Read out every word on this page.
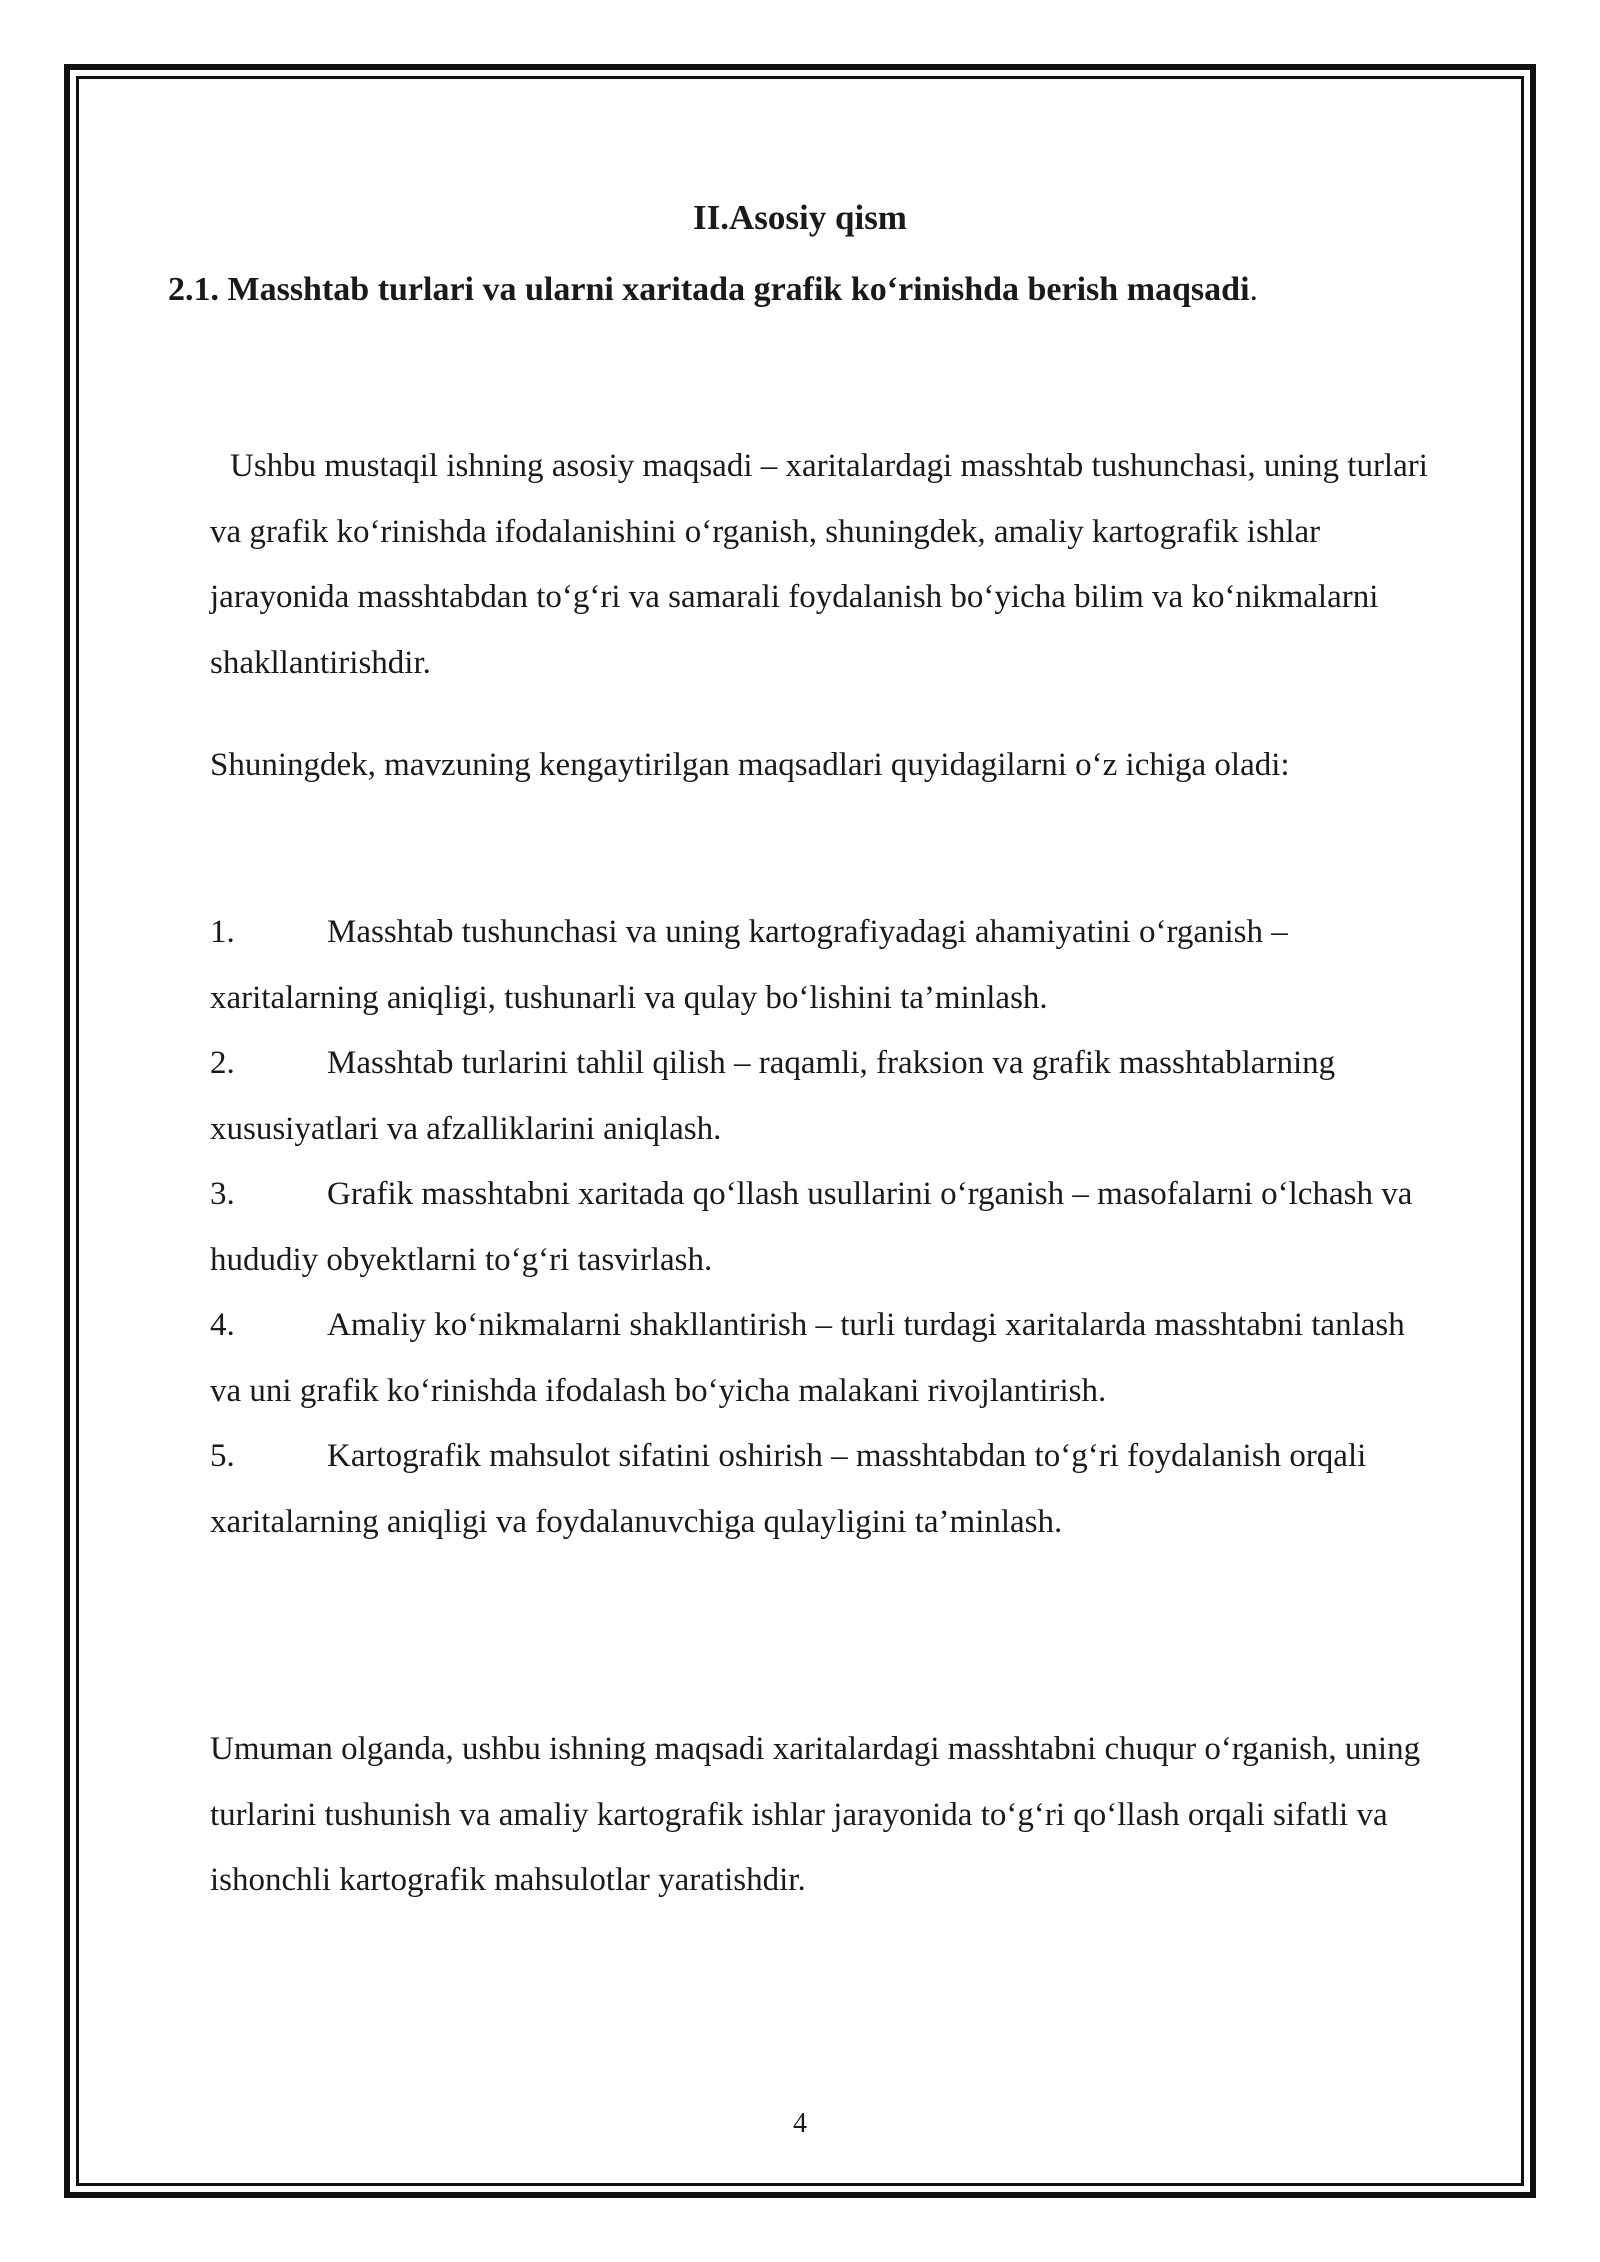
II.Asosiy qism
2.1. Masshtab turlari va ularni xaritada grafik ko‘rinishda berish maqsadi.

Ushbu mustaqil ishning asosiy maqsadi – xaritalardagi masshtab tushunchasi, uning turlari va grafik ko‘rinishda ifodalanishini o‘rganish, shuningdek, amaliy kartografik ishlar jarayonida masshtabdan to‘g‘ri va samarali foydalanish bo‘yicha bilim va ko‘nikmalarni shakllantirishdir.

Shuningdek, mavzuning kengaytirilgan maqsadlari quyidagilarni o‘z ichiga oladi:

1.	Masshtab tushunchasi va uning kartografiyadagi ahamiyatini o‘rganish – xaritalarning aniqligi, tushunarli va qulay bo‘lishini ta’minlash.
2.	Masshtab turlarini tahlil qilish – raqamli, fraksion va grafik masshtablarning xususiyatlari va afzalliklarini aniqlash.
3.	Grafik masshtabni xaritada qo‘llash usullarini o‘rganish – masofalarni o‘lchash va hududiy obyektlarni to‘g‘ri tasvirlash.
4.	Amaliy ko‘nikmalarni shakllantirish – turli turdagi xaritalarda masshtabni tanlash va uni grafik ko‘rinishda ifodalash bo‘yicha malakani rivojlantirish.
5.	Kartografik mahsulot sifatini oshirish – masshtabdan to‘g‘ri foydalanish orqali xaritalarning aniqligi va foydalanuvchiga qulayligini ta’minlash.

Umuman olganda, ushbu ishning maqsadi xaritalardagi masshtabni chuqur o‘rganish, uning turlarini tushunish va amaliy kartografik ishlar jarayonida to‘g‘ri qo‘llash orqali sifatli va ishonchli kartografik mahsulotlar yaratishdir.

4
